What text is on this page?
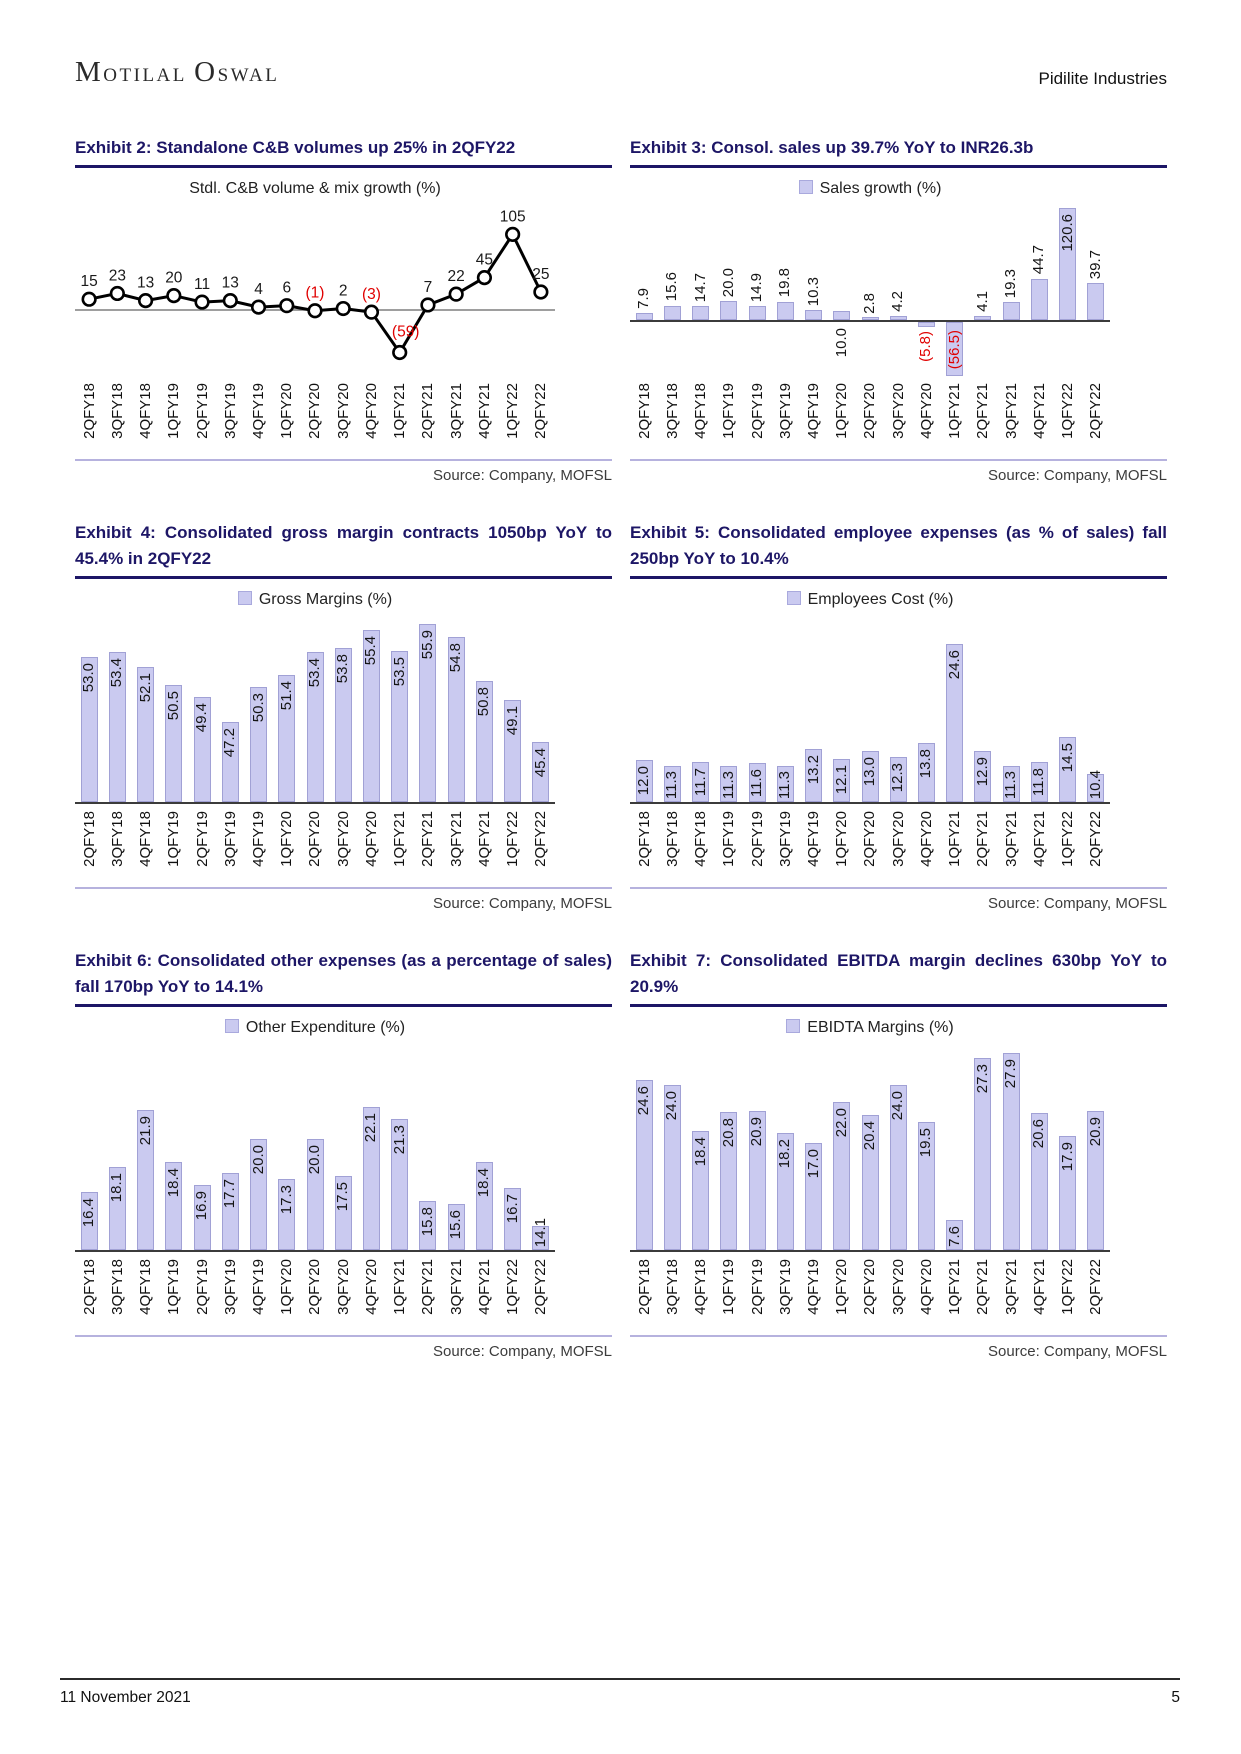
MOTILAL OSWAL	Pidilite Industries
Exhibit 2: Standalone C&B volumes up 25% in 2QFY22
Stdl. C&B volume & mix growth (%)
15 23 13 20 11 13 4 6 (1) 2 (3)
(59)
7
22
45
105
25
2QFY18 3QFY18 4QFY18 1QFY19 2QFY19 3QFY19 4QFY19 1QFY20 2QFY20 3QFY20 4QFY20 1QFY21 2QFY21 3QFY21 4QFY21 1QFY22 2QFY22
Source: Company, MOFSL
Exhibit 3: Consol. sales up 39.7% YoY to INR26.3b
Sales growth (%)
7.9 15.6 14.7 20.0 14.9 19.8 10.3
10.0
2.8 4.2
(5.8) (56.5)
4.1
19.3
44.7
120.6
39.7
2QFY18 3QFY18 4QFY18 1QFY19 2QFY19 3QFY19 4QFY19 1QFY20 2QFY20 3QFY20 4QFY20 1QFY21 2QFY21 3QFY21 4QFY21 1QFY22 2QFY22
Source: Company, MOFSL
Exhibit 4: Consolidated gross margin contracts 1050bp YoY to 45.4% in 2QFY22
Gross Margins (%)
53.0 53.4 52.1
50.5 49.4
47.2
50.3 51.4
53.4 53.8
55.4
53.5
55.9 54.8
50.8
49.1
45.4
2QFY18 3QFY18 4QFY18 1QFY19 2QFY19 3QFY19 4QFY19 1QFY20 2QFY20 3QFY20 4QFY20 1QFY21 2QFY21 3QFY21 4QFY21 1QFY22 2QFY22
Source: Company, MOFSL
Exhibit 5: Consolidated employee expenses (as % of sales) fall 250bp YoY to 10.4%
Employees Cost (%)
12.0 11.3 11.7 11.3 11.6 11.3
13.2 12.1 13.0 12.3 13.8
24.6
12.9 11.3 11.8
14.5
10.4
2QFY18 3QFY18 4QFY18 1QFY19 2QFY19 3QFY19 4QFY19 1QFY20 2QFY20 3QFY20 4QFY20 1QFY21 2QFY21 3QFY21 4QFY21 1QFY22 2QFY22
Source: Company, MOFSL
Exhibit 6: Consolidated other expenses (as a percentage of sales) fall 170bp YoY to 14.1%
Other Expenditure (%)
16.4
18.1
21.9
18.4
16.9 17.7
20.0
17.3
20.0
17.5
22.1 21.3
15.8 15.6
18.4
16.7
14.1
2QFY18 3QFY18 4QFY18 1QFY19 2QFY19 3QFY19 4QFY19 1QFY20 2QFY20 3QFY20 4QFY20 1QFY21 2QFY21 3QFY21 4QFY21 1QFY22 2QFY22
Source: Company, MOFSL
Exhibit 7: Consolidated EBITDA margin declines 630bp YoY to 20.9%
EBIDTA Margins (%)
24.6 24.0
18.4
20.8 20.9
18.2 17.0
22.0 20.4
24.0
19.5
7.6
27.3 27.9
20.6
17.9
20.9
2QFY18 3QFY18 4QFY18 1QFY19 2QFY19 3QFY19 4QFY19 1QFY20 2QFY20 3QFY20 4QFY20 1QFY21 2QFY21 3QFY21 4QFY21 1QFY22 2QFY22
Source: Company, MOFSL
11 November 2021	5
